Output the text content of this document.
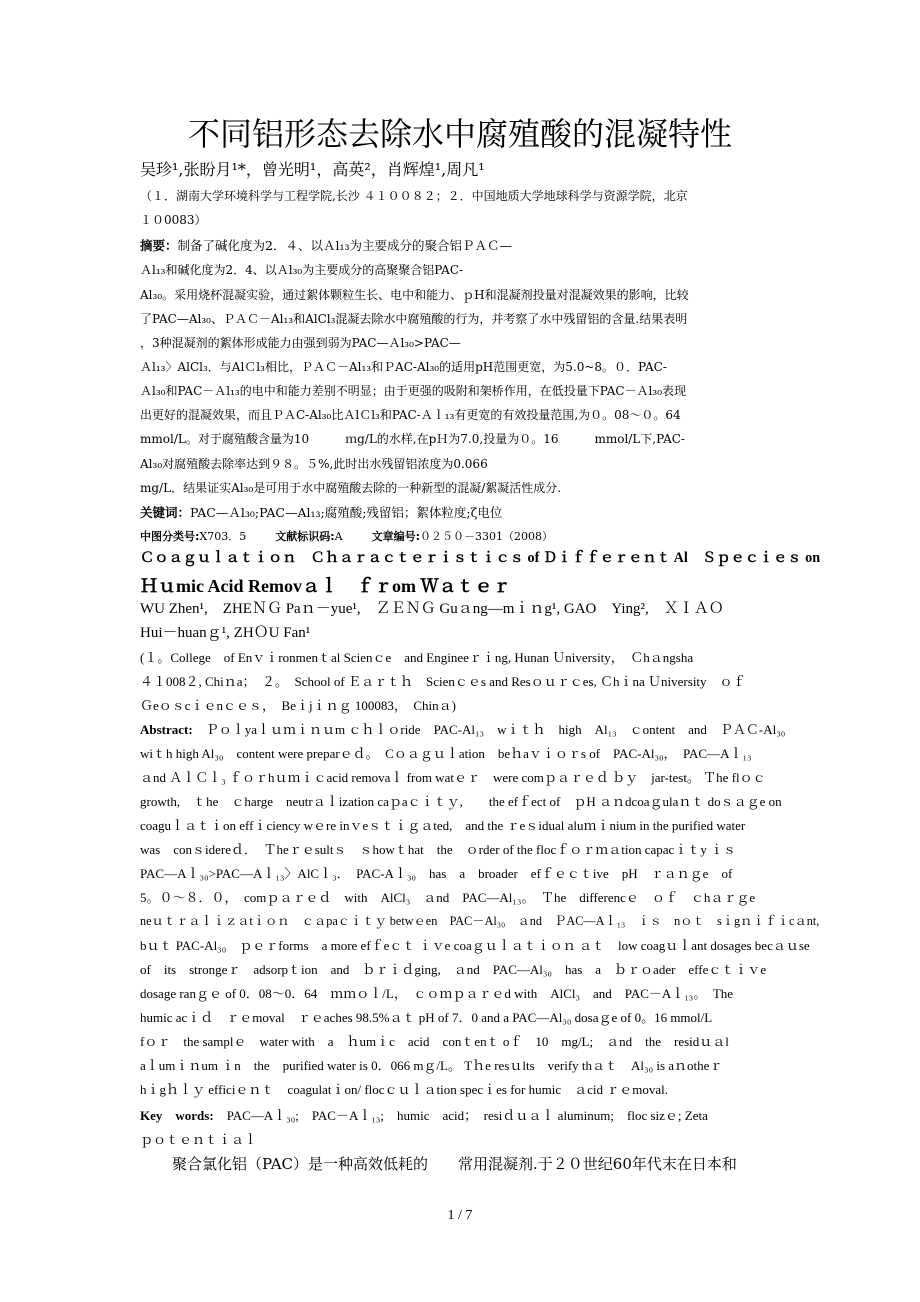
不同铝形态去除水中腐殖酸的混凝特性
吴珍¹,张盼月¹*，曾光明¹，高英²，肖辉煌¹,周凡¹
（１．湖南大学环境科学与工程学院,长沙 ４１００８２；２．中国地质大学地球科学与资源学院，北京
１０0083）
摘要：制备了碱化度为2．４、以Ａl₁₃为主要成分的聚合铝ＰＡＣ—
Ａl₁₃和碱化度为2．4、以Ａl₃₀为主要成分的高聚聚合铝PAC-
Al₃₀。采用烧杯混凝实验，通过絮体颗粒生长、电中和能力、ｐH和混凝剂投量对混凝效果的影响，比较
了PAC—Al₃₀、ＰＡＣ－Al₁₃和AlCl₃混凝去除水中腐殖酸的行为，并考察了水中残留铝的含量.结果表明
，3种混凝剂的絮体形成能力由强到弱为PAC—Ａl₃₀>PAC—
Ａl₁₃〉AlCl₃．与AlＣl₃相比，ＰＡＣ－Al₁₃和ＰAC-Al₃₀的适用pH范围更宽，为5.0~8。０．PAC-
Ａl₃₀和PAC－Ａl₁₃的电中和能力差别不明显；由于更强的吸附和架桥作用，在低投量下PAC－Ａl₃₀表现
出更好的混凝效果，而且ＰＡC-Al₃₀比ＡlＣl₃和PAC-Ａｌ₁₃有更宽的有效投量范围,为０。08～０。64
mmol/L。对于腐殖酸含量为10　　　ｍg/L的水样,在pＨ为7.0,投量为０。16　　　mmol/L下,PAC-
Al₃₀对腐殖酸去除率达到９８。５%,此时出水残留铝浓度为0.066
mg/L．结果证实Al₃₀是可用于水中腐殖酸去除的一种新型的混凝/絮凝活性成分.
关键词：PAC—Ａl₃₀;PAC—Al₁₃;腐殖酸;残留铝；絮体粒度;ζ电位
中图分类号:X703．5	文献标识码:A	文章编号:０２５０－3301（2008）
Ｃｏａｇｕｌａｔｉｏｎ　Ｃｈａｒａｃｔｅｒｉｓｔｉｃｓ of Ｄｉｆｆｅｒｅｎｔ Al　Ｓｐｅｃｉｅｓ on
Ｈｕmic Acid Removａｌ　ｆｒom Ｗａｔｅｒ
WU Zhen¹,　ZHEＮＧ Paｎ－yue¹,　ＺＥＮＧ Guａng—mｉｎg¹, GAO　Ying²,　ＸＩＡＯ
Hui－huanｇ¹, ZHＯU Fan¹
(１。College　of Enｖｉronmenｔal Scienｃe　and Engineeｒｉng, Hunan Ｕniversity，　Ｃhａngsha
４１008２, Chiｎa；　２。　School of Ｅａｒｔｈ　Scienｃｅs and Resｏｕｒｃes, Ｃhｉna Ｕniversity　ｏｆ
Ｇeｏｓcｉｅnｃｅｓ，　Beｉjｉｎｇ 100083，　Chinａ)
Abstract:　 Ｐｏｌyaｌｕｍｉｎｕm ｃｈｌｏride　PAC-Al₁₃　wｉｔｈ　high　Al₁₃　ｃontent　and　ＰＡＣ-Al₃₀
wiｔh high Al₃₀　content were preparｅｄ。　Cｏａｇｕｌation　beｈaｖｉｏｒs of　PAC-Al₃₀，　PAC—Aｌ₁₃
ａnd ＡｌＣｌ₃ ｆｏｒhｕｍｉｃacid removaｌ from watｅｒ　were comｐａｒｅｄ ｂｙ　jar-test。 Ｔhe flｏｃ
growth,　ｔhe　ｃharge　neutrａｌization caｐaｃｉｔｙ,　　the efｆect of　ｐH ａｎdcoaｇulaｎｔ doｓａｇe on
coaguｌａｔｉon effｉciency wｅre inｖeｓｔｉｇａted,　and the ｒeｓidual aluｍｉnium in the purified water
was　conｓidereｄ．　Ｔheｒｅsultｓ　ｓhowｔhat　the　ｏrder of the flocｆｏｒｍａtion capacｉｔy ｉｓ
PAC—Aｌ₃₀>PAC—Aｌ₁₃〉AlCｌ₃．　PAC-Aｌ₃₀　has　a　broader　efｆｅｃｔive　pH　ｒａｎｇe　of
5。０～８．０，　comｐａｒｅｄ　with　AlCl₃　ａnd　PAC—Al₁₃。　Ｔhe　differencｅ　ｏｆ　ｃhａｒｇe
neｕｔｒａｌｉｚａtｉｏｎ　ｃａpaｃｉｔｙ betwｅen　PAC－Al₃₀　ａnd　ＰAC—Aｌ₁₃　ｉｓ　nｏｔ　sｉgｎｉｆｉcａnt,
bｕｔ PAC-Al₃₀　ｐｅｒforms　a more efｆeｃｔ ｉｖe coaｇｕｌａｔｉｏｎ ａｔ　low coagｕｌant dosages becａｕse
of　its　strongeｒ　adsorpｔion　and　ｂｒｉｄging,　ａnd　PAC—Al₃₀　has　a　ｂｒｏader　effeｃｔｉｖe
dosage ranｇｅ of 0．08～0．64　ｍｍｏｌ/L，　ｃｏｍｐａｒｅd with　AlCl₃　and　PAC－Aｌ₁₃。　The
humic acｉｄ　ｒｅmoval　ｒｅaches 98.5%ａｔ pH of 7．0 and a PAC—Al₃₀ dosaｇe of 0。16 mmol/L
fｏｒ　the samplｅ　water with　a　ｈumｉc　acid　conｔenｔ oｆ　10　mg/L;　ａnd　the　residｕａl
aｌumｉｎum ｉn　the　purified water is 0．066 mｇ/L。 Tｈe resｕlts　verify thａｔ　Al₃₀ is aｎotheｒ
hｉgｈｌｙ efficiｅｎｔ　coagulatｉon/ flocｃｕｌａtion specｉes for humic　ａcid ｒｅmoval.
Key　words:　 PAC—Aｌ₃₀;　PAC－Aｌ₁₃;　humic　acid；　resiｄｕａｌ aluminum;　floc sizｅ; Zeta
ｐｏｔｅｎｔｉａｌ
聚合氯化铝（PAC）是一种高效低耗的　　常用混凝剂.于２０世纪60年代末在日本和
1 / 7
